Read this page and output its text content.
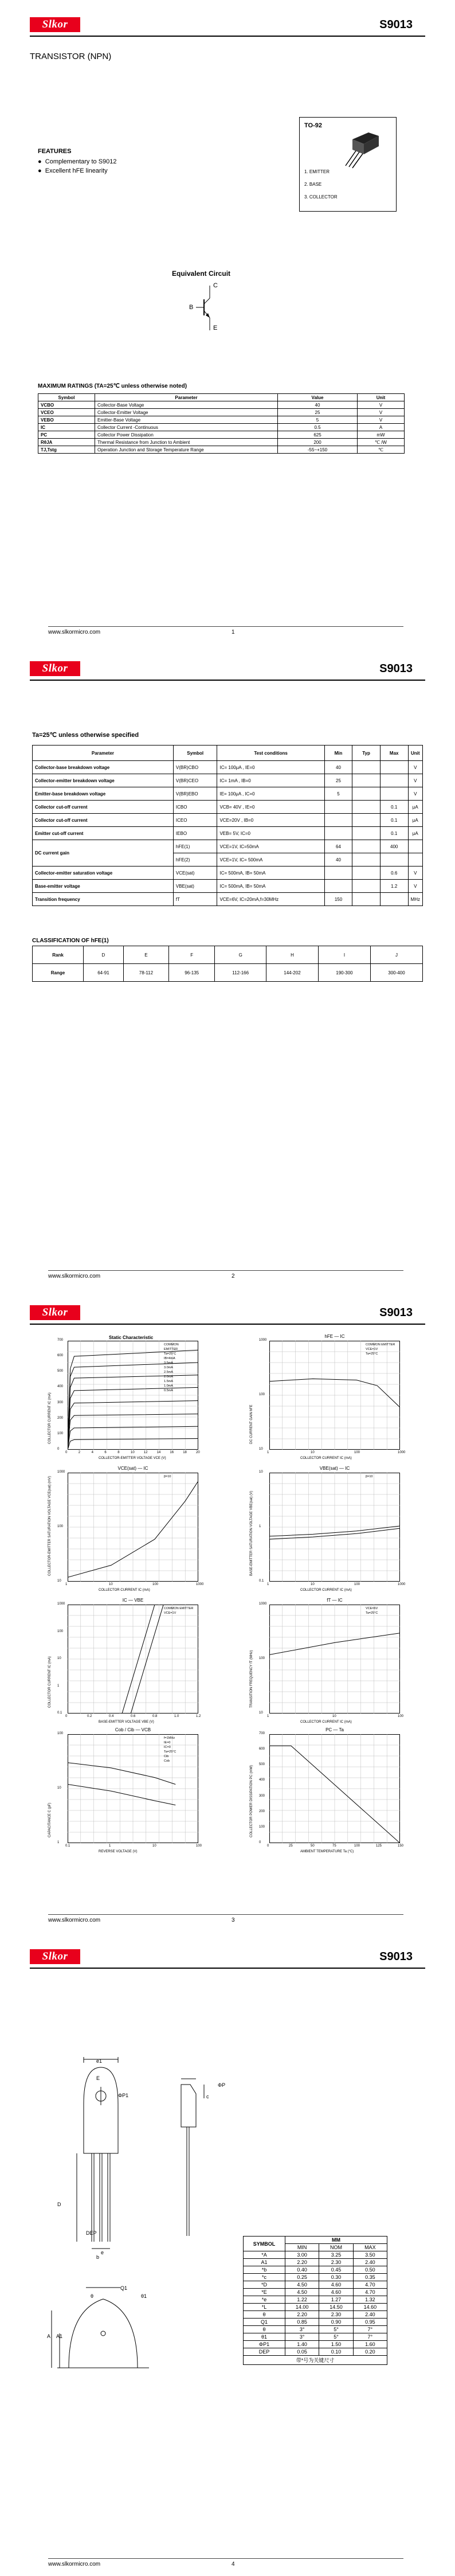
Slkor	S9013
TRANSISTOR (NPN)
FEATURES
●  Complementary to S9012
●  Excellent hFE linearity
TO-92
1. EMITTER
2. BASE
3. COLLECTOR
Equivalent Circuit
C
B
E
MAXIMUM RATINGS (TA=25℃ unless otherwise noted)
Symbol	Parameter	Value	Unit
VCBO	Collector-Base Voltage	40	V
VCEO	Collector-Emitter Voltage	25	V
VEBO	Emitter-Base Voltage	5	V
IC	Collector Current -Continuous	0.5	A
PC	Collector Power Dissipation	625	mW
RθJA	Thermal Resistance from Junction to Ambient	200	℃ /W
TJ,Tstg	Operation Junction and Storage Temperature Range	-55~+150	℃
www.slkormicro.com	1
Slkor	S9013
Ta=25℃ unless otherwise specified
Parameter	Symbol	Test conditions	Min	Typ	Max	Unit
Collector-base breakdown voltage	V(BR)CBO	IC= 100μA , IE=0	40			V
Collector-emitter breakdown voltage	V(BR)CEO	IC= 1mA , IB=0	25			V
Emitter-base breakdown voltage	V(BR)EBO	IE= 100μA , IC=0	5			V
Collector cut-off current	ICBO	VCB= 40V , IE=0			0.1	μA
Collector cut-off current	ICEO	VCE=20V , IB=0			0.1	μA
Emitter cut-off current	IEBO	VEB= 5V, IC=0			0.1	μA
DC current gain	hFE(1)	VCE=1V, IC=50mA	64		400	
	hFE(2)	VCE=1V, IC= 500mA	40			
Collector-emitter saturation voltage	VCE(sat)	IC= 500mA, IB= 50mA			0.6	V
Base-emitter voltage	VBE(sat)	IC= 500mA, IB= 50mA			1.2	V
Transition frequency	fT	VCE=6V, IC=20mA,f=30MHz	150			MHz
CLASSIFICATION OF hFE(1)
Rank	D	E	F	G	H	I	J
Range	64-91	78-112	96-135	112-166	144-202	190-300	300-400
www.slkormicro.com	2
Slkor	S9013
Static Characteristic
0	2	4	6	8	10	12	14	16	18	20
0
100
200
300
400
500
600
700
COLLECTOR-EMITTER VOLTAGE VCE (V)
COLLECTOR CURRENT IC (mA)
COMMON
EMITTER
Ta=25°C
IB=4mA
3.5mA
3.0mA
2.5mA
2.0mA
1.5mA
1.0mA
0.5mA
1	10	100	1000
10
100
1000
COLLECTOR CURRENT IC (mA)
DC CURRENT GAIN hFE
hFE — IC
COMMON EMITTER
VCE=1V
Ta=25°C
1	10	100	1000
10
100
1000
COLLECTOR CURRENT IC (mA)
COLLECTOR-EMITTER SATURATION VOLTAGE VCE(sat) (mV)
VCE(sat) — IC
β=10
1	10	100	1000
0.1
1
10
COLLECTOR CURRENT IC (mA)
BASE-EMITTER SATURATION VOLTAGE VBE(sat) (V)
VBE(sat) — IC
β=10
0	0.2	0.4	0.6	0.8	1.0	1.2
0.1
1
10
100
1000
BASE-EMITTER VOLTAGE VBE (V)
COLLECTOR CURRENT IC (mA)
IC — VBE
COMMON EMITTER
VCE=1V
1	10	100
10
100
1000
COLLECTOR CURRENT IC (mA)
TRANSITION FREQUENCY fT (MHz)
fT — IC
VCE=6V
Ta=25°C
0.1	1	10	100
1
10
100
REVERSE VOLTAGE (V)
CAPACITANCE C (pF)
Cob / Cib — VCB
f=1MHz
IE=0
IC=0
Ta=25°C
Cib
Cob
0	25	50	75	100	125	150
0
100
200
300
400
500
600
700
AMBIENT TEMPERATURE Ta (°C)
COLLECTOR POWER DISSIPATION PC (mW)
PC — Ta
www.slkormicro.com	3
Slkor	S9013
ΦP1
ΦP
A1
A
b
e1
Q1
θ	θ1
e
E
D
c
DEP
SYMBOL	MM		
	MIN	NOM	MAX
*A	3.00	3.25	3.50
A1	2.20	2.30	2.40
*b	0.40	0.45	0.50
*c	0.25	0.30	0.35
*D	4.50	4.60	4.70
*E	4.50	4.60	4.70
*e	1.22	1.27	1.32
*L	14.00	14.50	14.60
θ	2.20	2.30	2.40
Q1	0.85	0.90	0.95
θ	3°	5°	7°
θ1	3°	5°	7°
ΦP1	1.40	1.50	1.60
DEP	0.05	0.10	0.20
带*号为关键尺寸			
www.slkormicro.com	4
